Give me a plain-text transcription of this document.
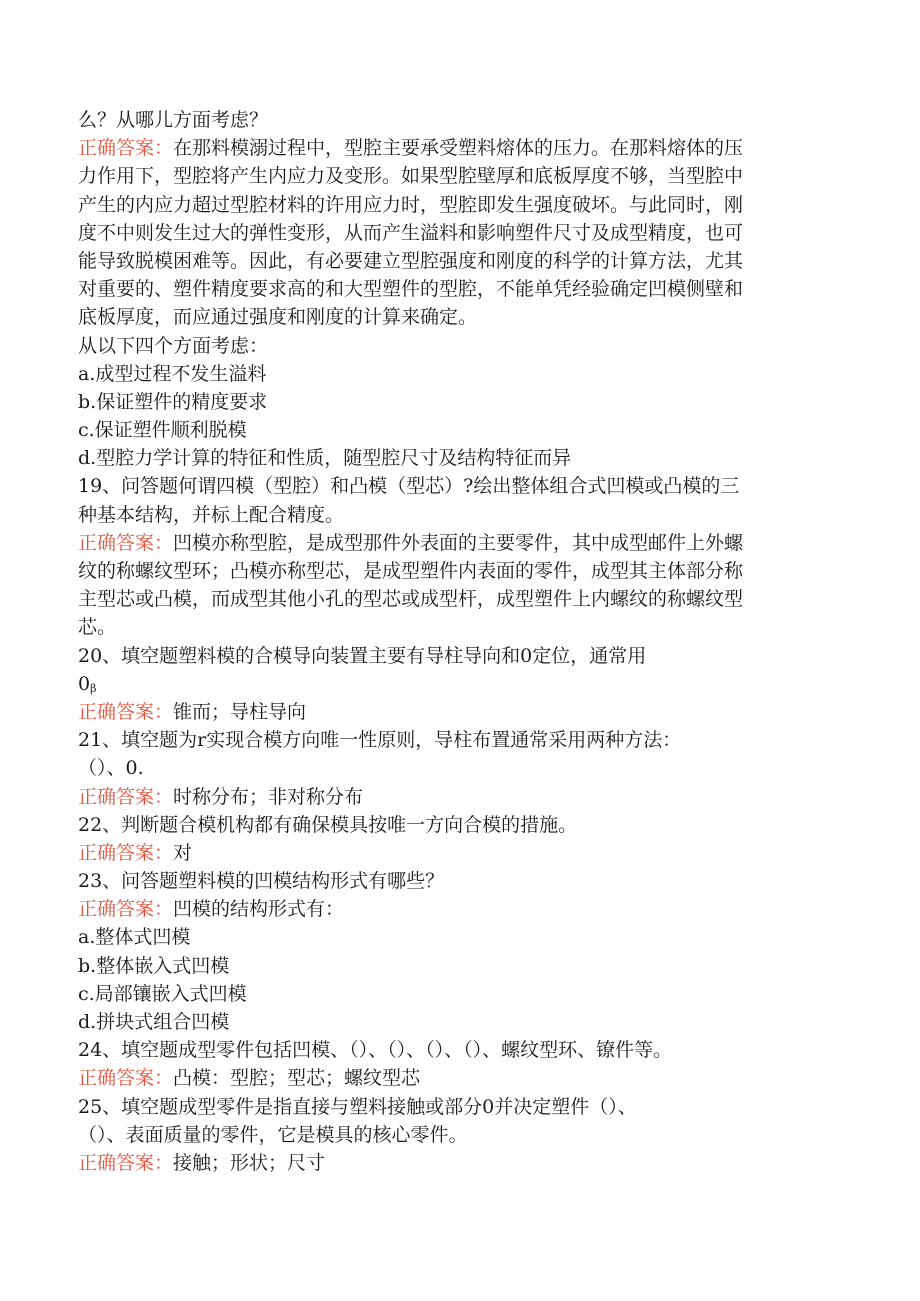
么？从哪儿方面考虑？
正确答案：在那料模溺过程中，型腔主要承受塑料熔体的压力。在那料熔体的压
力作用下，型腔将产生内应力及变形。如果型腔壁厚和底板厚度不够，当型腔中
产生的内应力超过型腔材料的许用应力时，型腔即发生强度破坏。与此同时，刚
度不中则发生过大的弹性变形，从而产生溢料和影响塑件尺寸及成型精度，也可
能导致脱模困难等。因此，有必要建立型腔强度和刚度的科学的计算方法，尤其
对重要的、塑件精度要求高的和大型塑件的型腔，不能单凭经验确定凹模侧壁和
底板厚度，而应通过强度和刚度的计算来确定。
从以下四个方面考虑：
a.成型过程不发生溢料
b.保证塑件的精度要求
c.保证塑件顺利脱模
d.型腔力学计算的特征和性质，随型腔尺寸及结构特征而异
19、问答题何谓四模（型腔）和凸模（型芯）?绘出整体组合式凹模或凸模的三
种基本结构，并标上配合精度。
正确答案：凹模亦称型腔，是成型那件外表面的主要零件，其中成型邮件上外螺
纹的称螺纹型环；凸模亦称型芯，是成型塑件内表面的零件，成型其主体部分称
主型芯或凸模，而成型其他小孔的型芯或成型杆，成型塑件上内螺纹的称螺纹型
芯。
20、填空题塑料模的合模导向装置主要有导柱导向和0定位，通常用
0β
正确答案：锥而；导柱导向
21、填空题为r实现合模方向唯一性原则，导柱布置通常采用两种方法：
（）、0.
正确答案：时称分布；非对称分布
22、判断题合模机构都有确保模具按唯一方向合模的措施。
正确答案：对
23、问答题塑料模的凹模结构形式有哪些？
正确答案：凹模的结构形式有：
a.整体式凹模
b.整体嵌入式凹模
c.局部镶嵌入式凹模
d.拼块式组合凹模
24、填空题成型零件包括凹模、（）、（）、（）、（）、螺纹型环、镣件等。
正确答案：凸模：型腔；型芯；螺纹型芯
25、填空题成型零件是指直接与塑料接触或部分0并决定塑件（）、
（）、表面质量的零件，它是模具的核心零件。
正确答案：接触；形状；尺寸
